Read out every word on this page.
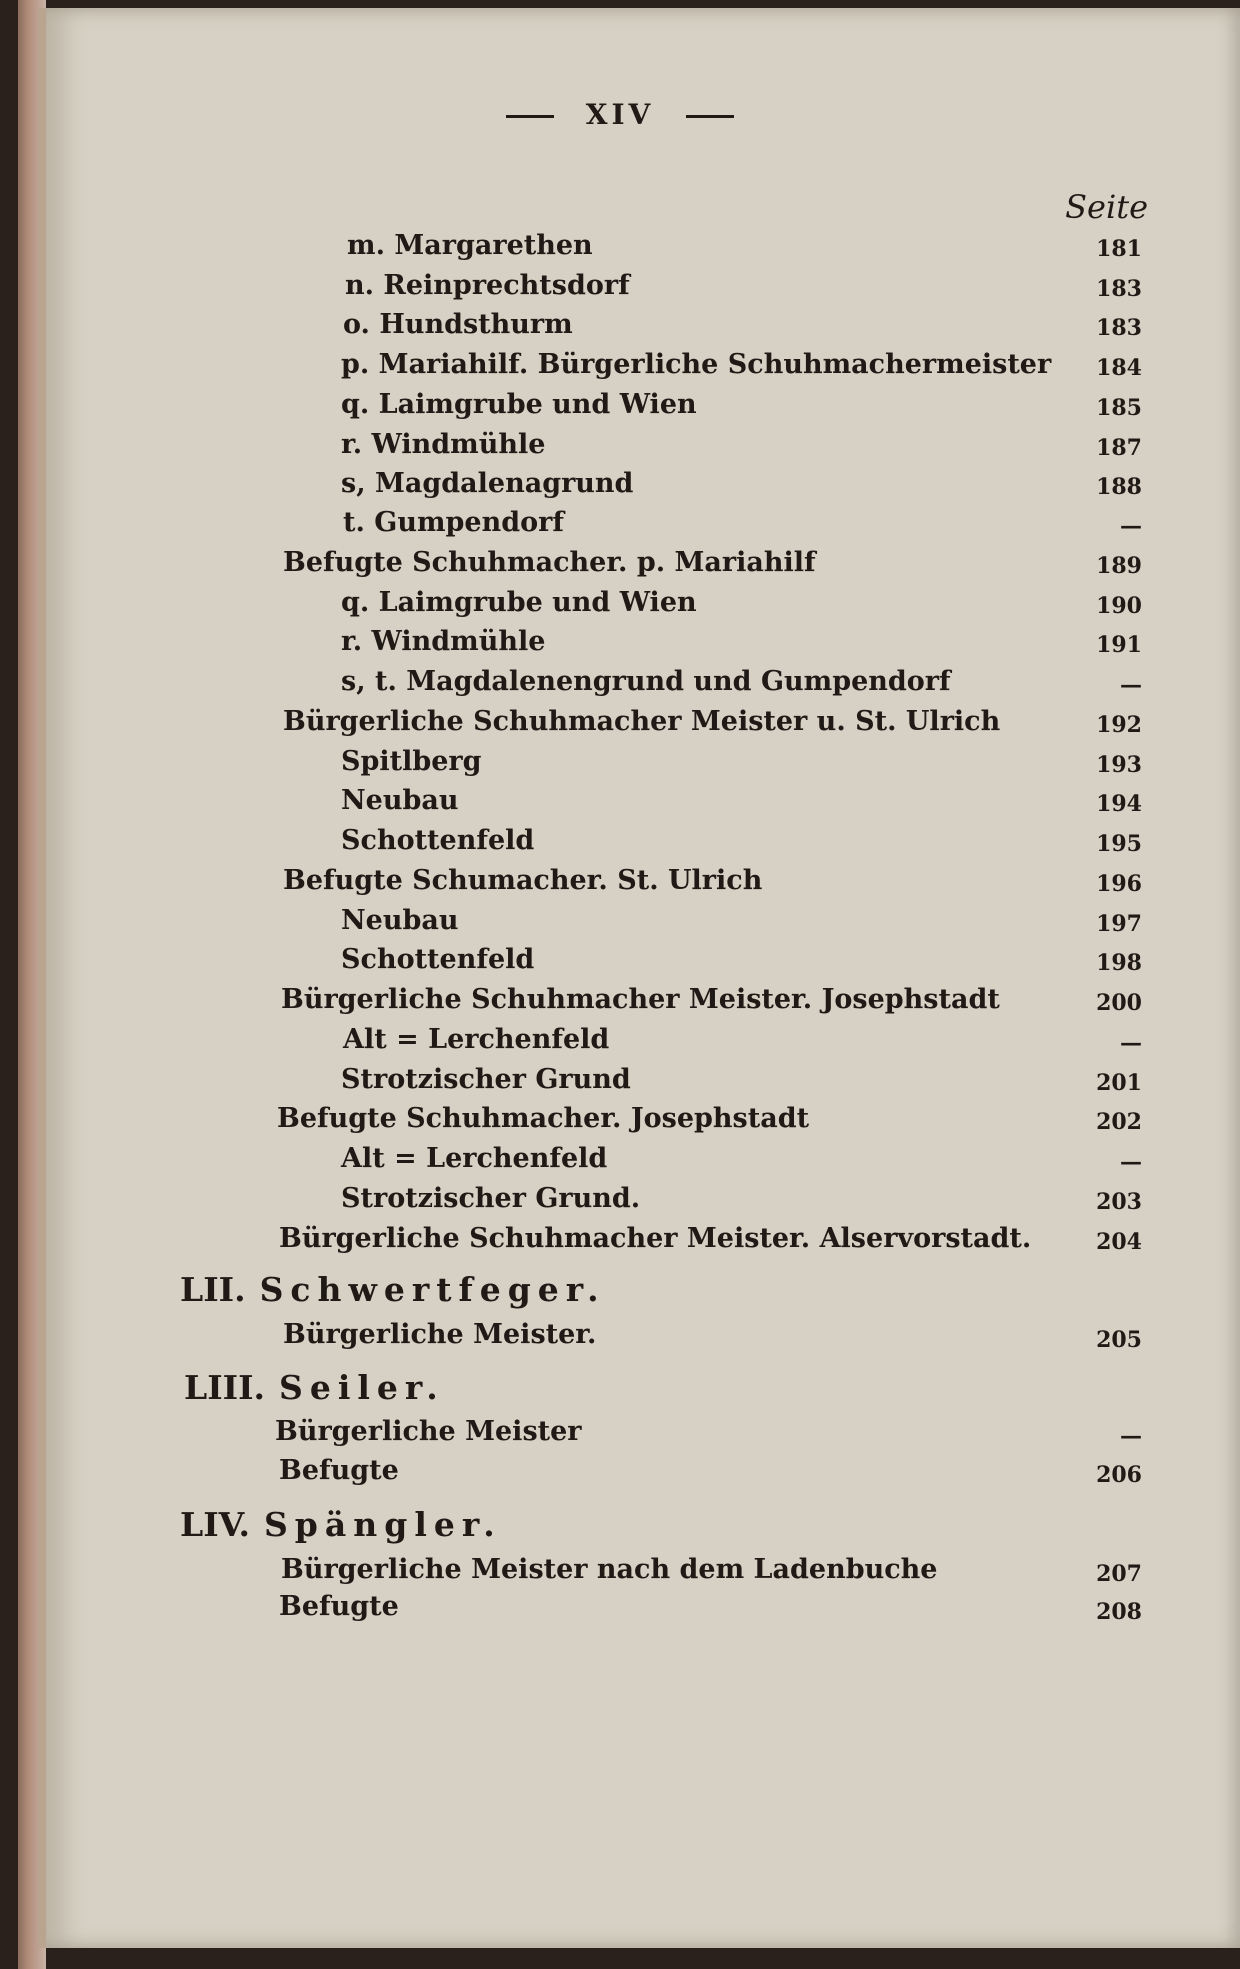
XIV
Seite
m. Margarethen	181
n. Reinprechtsdorf	183
o. Hundsthurm	183
p. Mariahilf. Bürgerliche Schuhmachermeister 184
q. Laimgrube und Wien	185
r. Windmühle	187
s, Magdalenagrund	188
t. Gumpendorf	—
Befugte Schuhmacher. p. Mariahilf	189
q. Laimgrube und Wien	190
r. Windmühle	191
s, t. Magdalenengrund und Gumpendorf	—
Bürgerliche Schuhmacher Meister u. St. Ulrich	192
Spitlberg	193
Neubau	194
Schottenfeld	195
Befugte Schumacher. St. Ulrich	196
Neubau	197
Schottenfeld	198
Bürgerliche Schuhmacher Meister. Josephstadt	200
Alt = Lerchenfeld	—
Strotzischer Grund	201
Befugte Schuhmacher. Josephstadt	202
Alt = Lerchenfeld	—
Strotzischer Grund.	203
Bürgerliche Schuhmacher Meister. Alservorstadt.	204
LII. Schwertfeger.
Bürgerliche Meister.	205
LIII. Seiler.
Bürgerliche Meister	—
Befugte	206
LIV. Spängler.
Bürgerliche Meister nach dem Ladenbuche	207
Befugte	208
